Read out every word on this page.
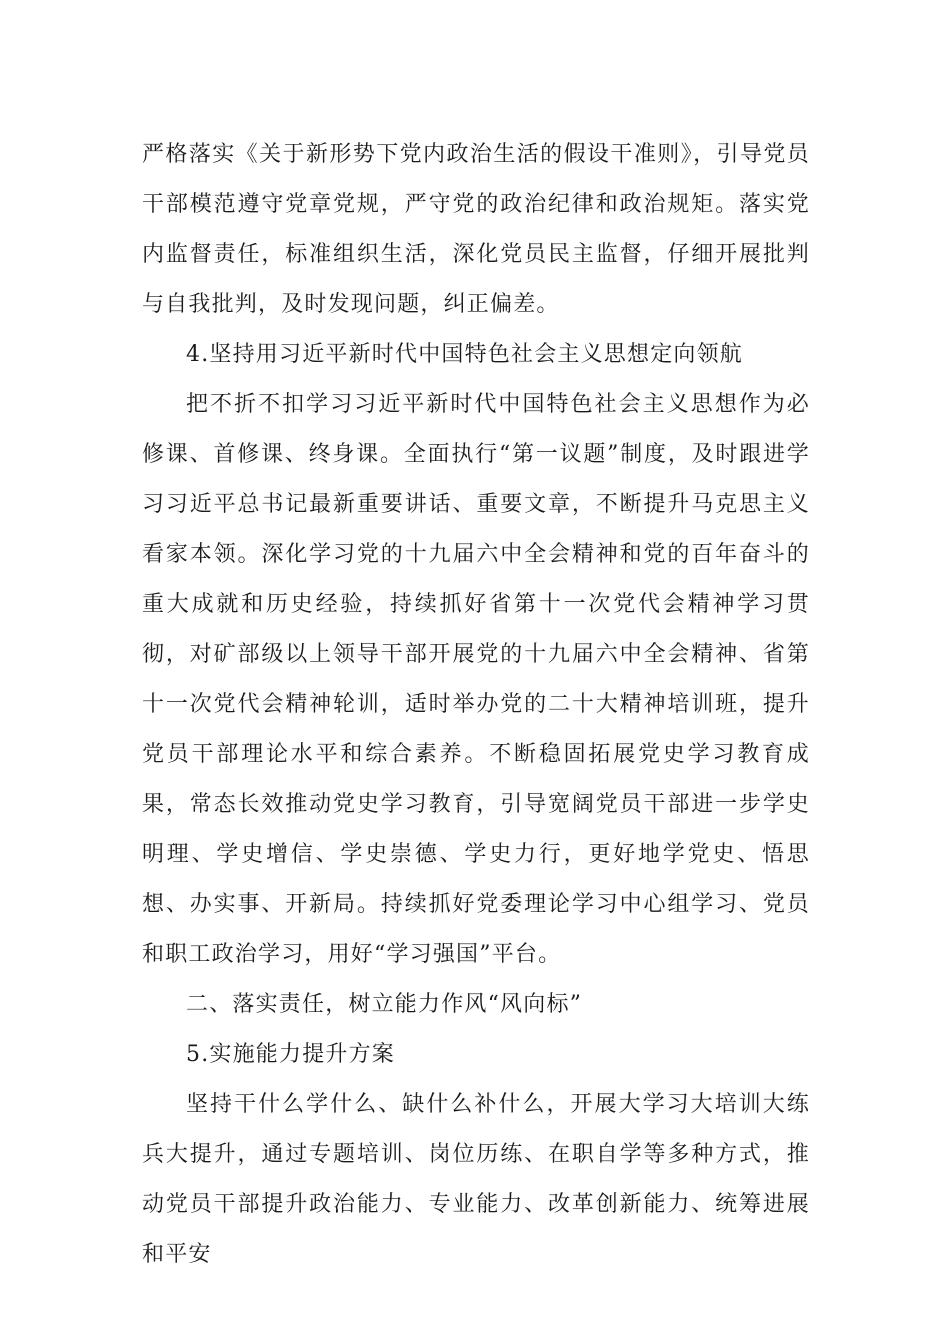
严格落实《关于新形势下党内政治生活的假设干准则》，引导党员干部模范遵守党章党规，严守党的政治纪律和政治规矩。落实党内监督责任，标准组织生活，深化党员民主监督，仔细开展批判与自我批判，及时发现问题，纠正偏差。

4.坚持用习近平新时代中国特色社会主义思想定向领航

把不折不扣学习习近平新时代中国特色社会主义思想作为必修课、首修课、终身课。全面执行“第一议题”制度，及时跟进学习习近平总书记最新重要讲话、重要文章，不断提升马克思主义看家本领。深化学习党的十九届六中全会精神和党的百年奋斗的重大成就和历史经验，持续抓好省第十一次党代会精神学习贯彻，对矿部级以上领导干部开展党的十九届六中全会精神、省第十一次党代会精神轮训，适时举办党的二十大精神培训班，提升党员干部理论水平和综合素养。不断稳固拓展党史学习教育成果，常态长效推动党史学习教育，引导宽阔党员干部进一步学史明理、学史增信、学史崇德、学史力行，更好地学党史、悟思想、办实事、开新局。持续抓好党委理论学习中心组学习、党员和职工政治学习，用好“学习强国”平台。

二、落实责任，树立能力作风“风向标”

5.实施能力提升方案

坚持干什么学什么、缺什么补什么，开展大学习大培训大练兵大提升，通过专题培训、岗位历练、在职自学等多种方式，推动党员干部提升政治能力、专业能力、改革创新能力、统筹进展和平安
